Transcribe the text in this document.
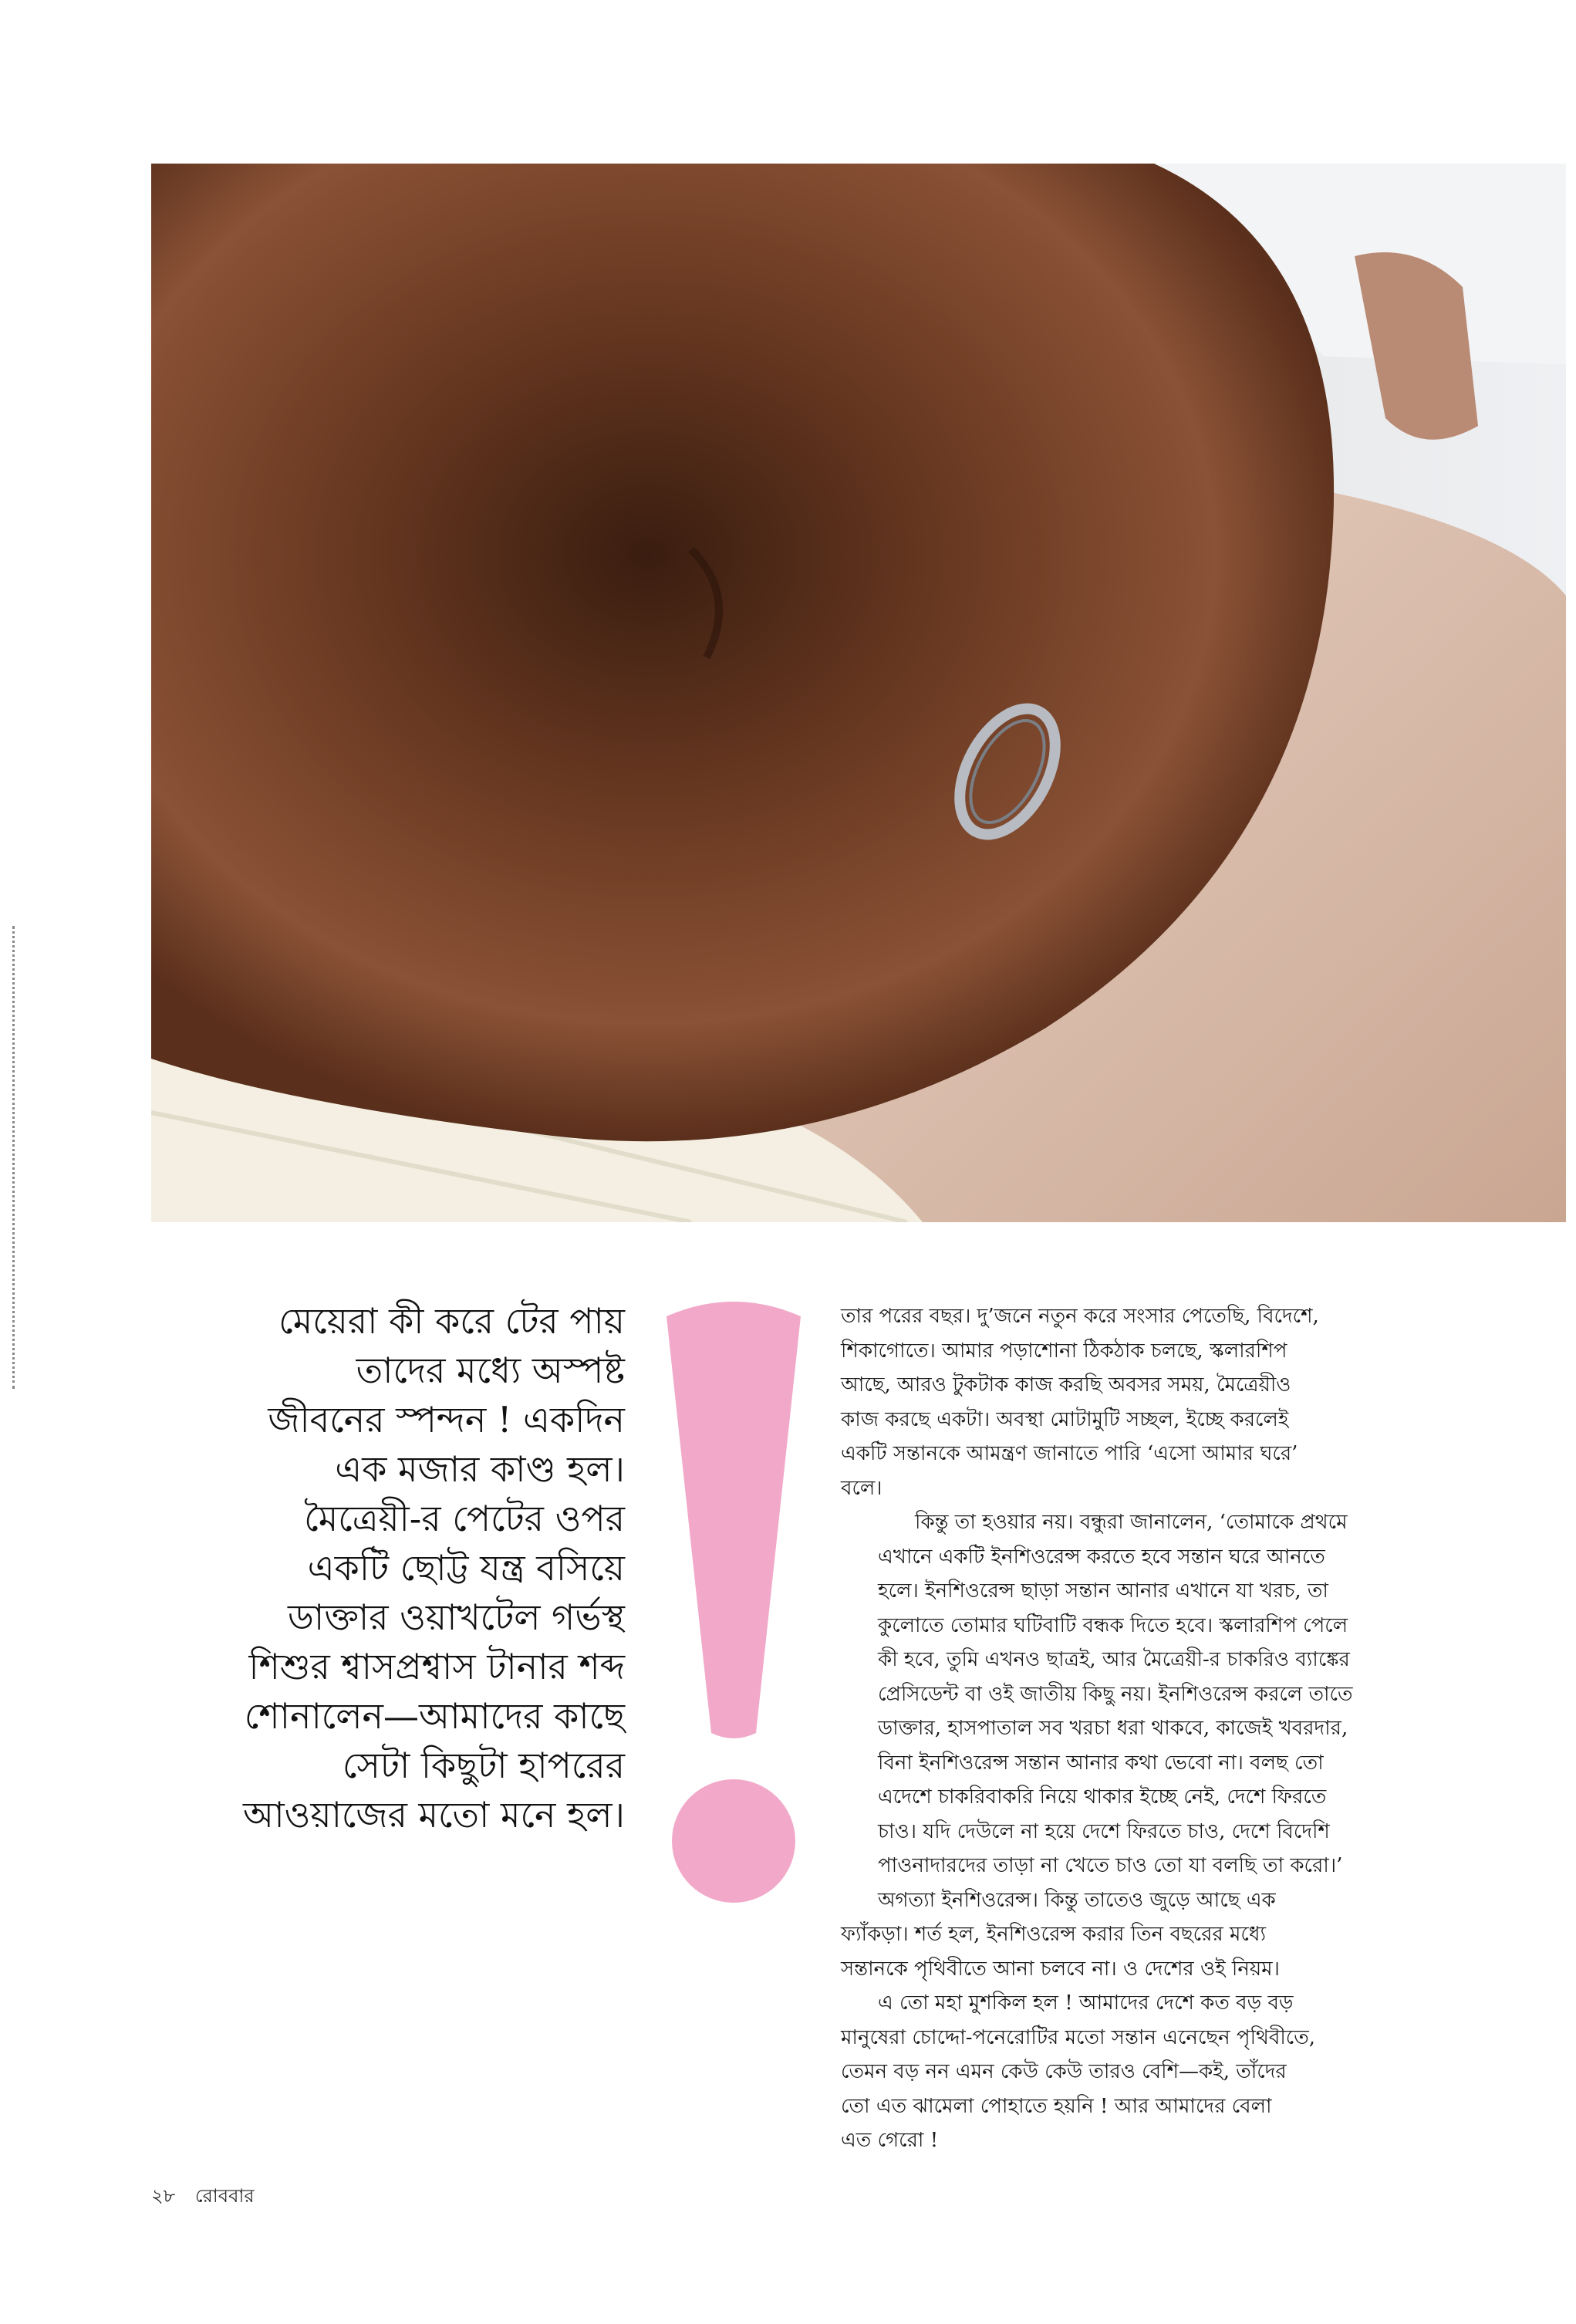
মেয়েরা কী করে টের পায়
তাদের মধ্যে অস্পষ্ট
জীবনের স্পন্দন ! একদিন
এক মজার কাণ্ড হল।
মৈত্রেয়ী-র পেটের ওপর
একটি ছোট্ট যন্ত্র বসিয়ে
ডাক্তার ওয়াখটেল গর্ভস্থ
শিশুর শ্বাসপ্রশ্বাস টানার শব্দ
শোনালেন—আমাদের কাছে
সেটা কিছুটা হাপরের
আওয়াজের মতো মনে হল।

তার পরের বছর। দু’জনে নতুন করে সংসার পেতেছি, বিদেশে,
শিকাগোতে। আমার পড়াশোনা ঠিকঠাক চলছে, স্কলারশিপ
আছে, আরও টুকটাক কাজ করছি অবসর সময়, মৈত্রেয়ীও
কাজ করছে একটা। অবস্থা মোটামুটি সচ্ছল, ইচ্ছে করলেই
একটি সন্তানকে আমন্ত্রণ জানাতে পারি ‘এসো আমার ঘরে’
বলে।

কিন্তু তা হওয়ার নয়। বন্ধুরা জানালেন, ‘তোমাকে প্রথমে
এখানে একটি ইনশিওরেন্স করতে হবে সন্তান ঘরে আনতে
হলে। ইনশিওরেন্স ছাড়া সন্তান আনার এখানে যা খরচ, তা
কুলোতে তোমার ঘটিবাটি বন্ধক দিতে হবে। স্কলারশিপ পেলে
কী হবে, তুমি এখনও ছাত্রই, আর মৈত্রেয়ী-র চাকরিও ব্যাঙ্কের
প্রেসিডেন্ট বা ওই জাতীয় কিছু নয়। ইনশিওরেন্স করলে তাতে
ডাক্তার, হাসপাতাল সব খরচা ধরা থাকবে, কাজেই খবরদার,
বিনা ইনশিওরেন্স সন্তান আনার কথা ভেবো না। বলছ তো
এদেশে চাকরিবাকরি নিয়ে থাকার ইচ্ছে নেই, দেশে ফিরতে
চাও। যদি দেউলে না হয়ে দেশে ফিরতে চাও, দেশে বিদেশি
পাওনাদারদের তাড়া না খেতে চাও তো যা বলছি তা করো।’

অগত্যা ইনশিওরেন্স। কিন্তু তাতেও জুড়ে আছে এক
ফ্যাঁকড়া। শর্ত হল, ইনশিওরেন্স করার তিন বছরের মধ্যে
সন্তানকে পৃথিবীতে আনা চলবে না। ও দেশের ওই নিয়ম।

এ তো মহা মুশকিল হল ! আমাদের দেশে কত বড় বড়
মানুষেরা চোদ্দো-পনেরোটির মতো সন্তান এনেছেন পৃথিবীতে,
তেমন বড় নন এমন কেউ কেউ তারও বেশি—কই, তাঁদের
তো এত ঝামেলা পোহাতে হয়নি ! আর আমাদের বেলা
এত গেরো !

২৮ রোববার
